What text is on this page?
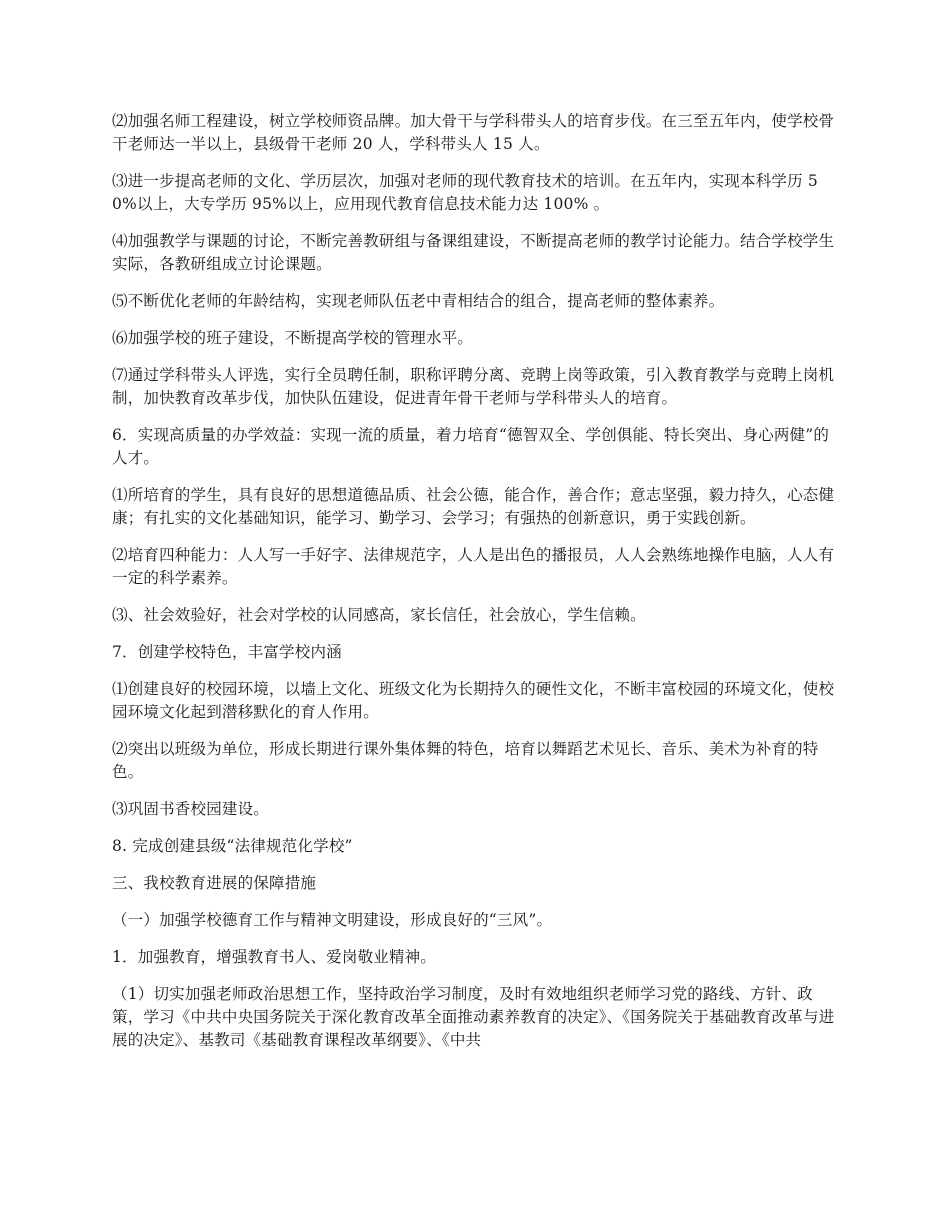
⑵加强名师工程建设，树立学校师资品牌。加大骨干与学科带头人的培育步伐。在三至五年内，使学校骨干老师达一半以上，县级骨干老师 20 人，学科带头人 15 人。

⑶进一步提高老师的文化、学历层次，加强对老师的现代教育技术的培训。在五年内，实现本科学历 50%以上，大专学历 95%以上，应用现代教育信息技术能力达 100% 。

⑷加强教学与课题的讨论，不断完善教研组与备课组建设，不断提高老师的教学讨论能力。结合学校学生实际，各教研组成立讨论课题。

⑸不断优化老师的年龄结构，实现老师队伍老中青相结合的组合，提高老师的整体素养。

⑹加强学校的班子建设，不断提高学校的管理水平。

⑺通过学科带头人评选，实行全员聘任制，职称评聘分离、竞聘上岗等政策，引入教育教学与竞聘上岗机制，加快教育改革步伐，加快队伍建设，促进青年骨干老师与学科带头人的培育。

6．实现高质量的办学效益：实现一流的质量，着力培育“德智双全、学创俱能、特长突出、身心两健”的人才。

⑴所培育的学生，具有良好的思想道德品质、社会公德，能合作，善合作；意志坚强，毅力持久，心态健康；有扎实的文化基础知识，能学习、勤学习、会学习；有强热的创新意识，勇于实践创新。

⑵培育四种能力：人人写一手好字、法律规范字，人人是出色的播报员，人人会熟练地操作电脑，人人有一定的科学素养。

⑶、社会效验好，社会对学校的认同感高，家长信任，社会放心，学生信赖。

7．创建学校特色，丰富学校内涵

⑴创建良好的校园环境，以墙上文化、班级文化为长期持久的硬性文化，不断丰富校园的环境文化，使校园环境文化起到潜移默化的育人作用。

⑵突出以班级为单位，形成长期进行课外集体舞的特色，培育以舞蹈艺术见长、音乐、美术为补育的特色。

⑶巩固书香校园建设。

8. 完成创建县级“法律规范化学校”

三、我校教育进展的保障措施

（一）加强学校德育工作与精神文明建设，形成良好的“三风”。

1．加强教育，增强教育书人、爱岗敬业精神。

（1）切实加强老师政治思想工作，坚持政治学习制度，及时有效地组织老师学习党的路线、方针、政策，学习《中共中央国务院关于深化教育改革全面推动素养教育的决定》、《国务院关于基础教育改革与进展的决定》、基教司《基础教育课程改革纲要》、《中共
